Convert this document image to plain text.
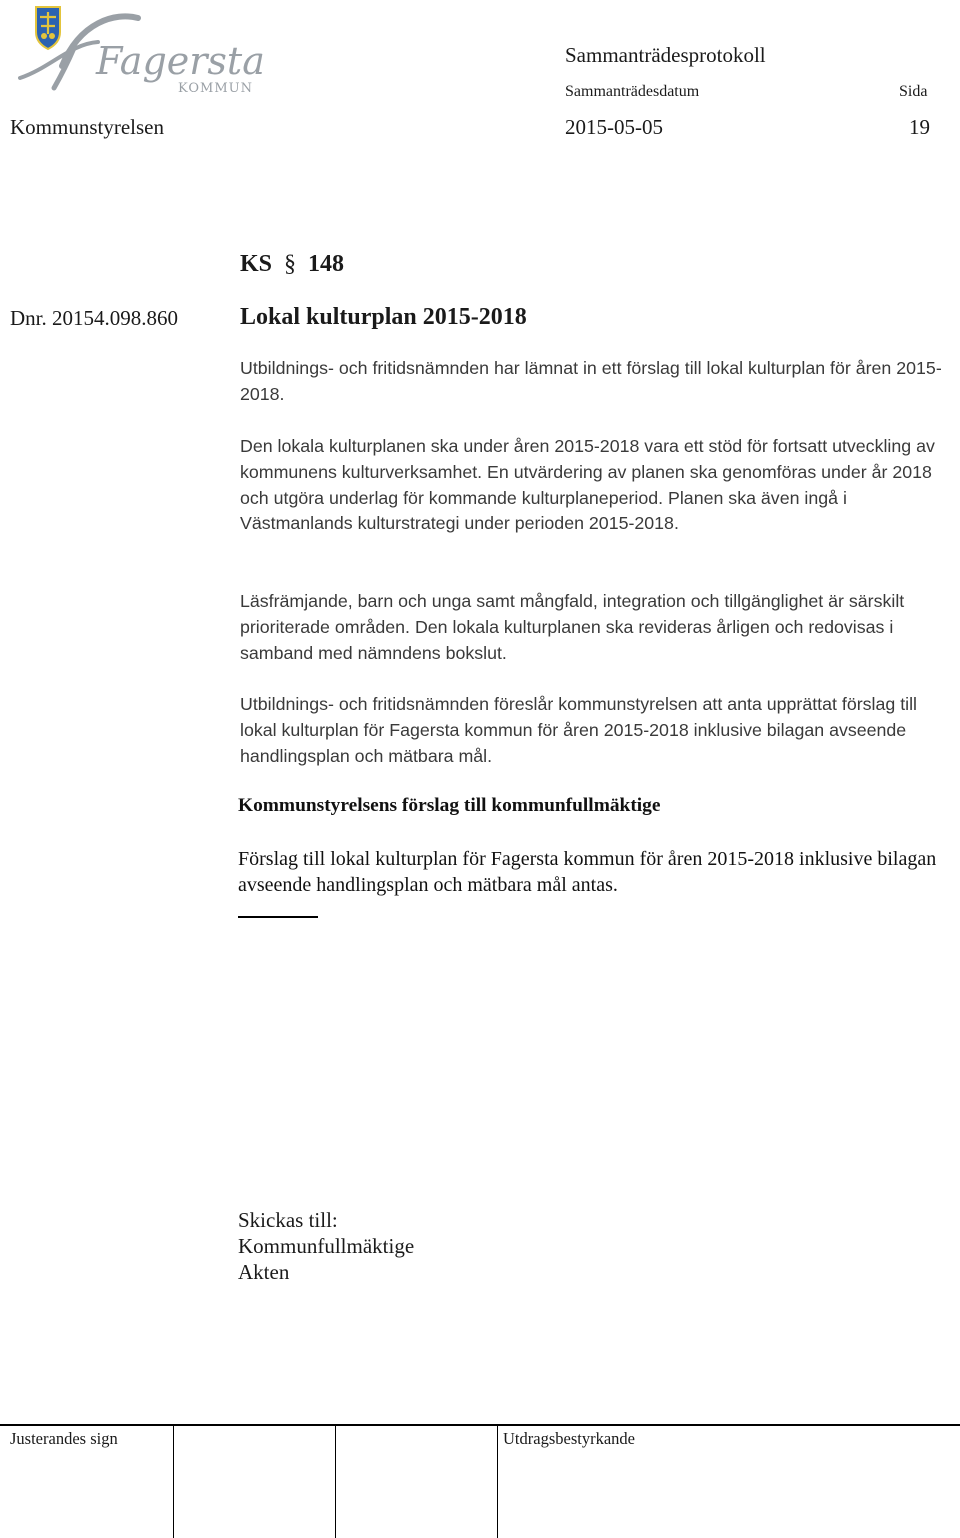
Fagersta
KOMMUN
Sammanträdesprotokoll
Sammanträdesdatum	Sida
Kommunstyrelsen	2015-05-05	19
KS § 148
Dnr. 20154.098.860	Lokal kulturplan 2015-2018
Utbildnings- och fritidsnämnden har lämnat in ett förslag till lokal kulturplan för åren 2015-2018.
Den lokala kulturplanen ska under åren 2015-2018 vara ett stöd för fortsatt utveckling av kommunens kulturverksamhet. En utvärdering av planen ska genomföras under år 2018 och utgöra underlag för kommande kulturplaneperiod. Planen ska även ingå i Västmanlands kulturstrategi under perioden 2015-2018.
Läsfrämjande, barn och unga samt mångfald, integration och tillgänglighet är särskilt prioriterade områden. Den lokala kulturplanen ska revideras årligen och redovisas i samband med nämndens bokslut.
Utbildnings- och fritidsnämnden föreslår kommunstyrelsen att anta upprättat förslag till lokal kulturplan för Fagersta kommun för åren 2015-2018 inklusive bilagan avseende handlingsplan och mätbara mål.
Kommunstyrelsens förslag till kommunfullmäktige
Förslag till lokal kulturplan för Fagersta kommun för åren 2015-2018 inklusive bilagan avseende handlingsplan och mätbara mål antas.
Skickas till:
Kommunfullmäktige
Akten
Justerandes sign	Utdragsbestyrkande
